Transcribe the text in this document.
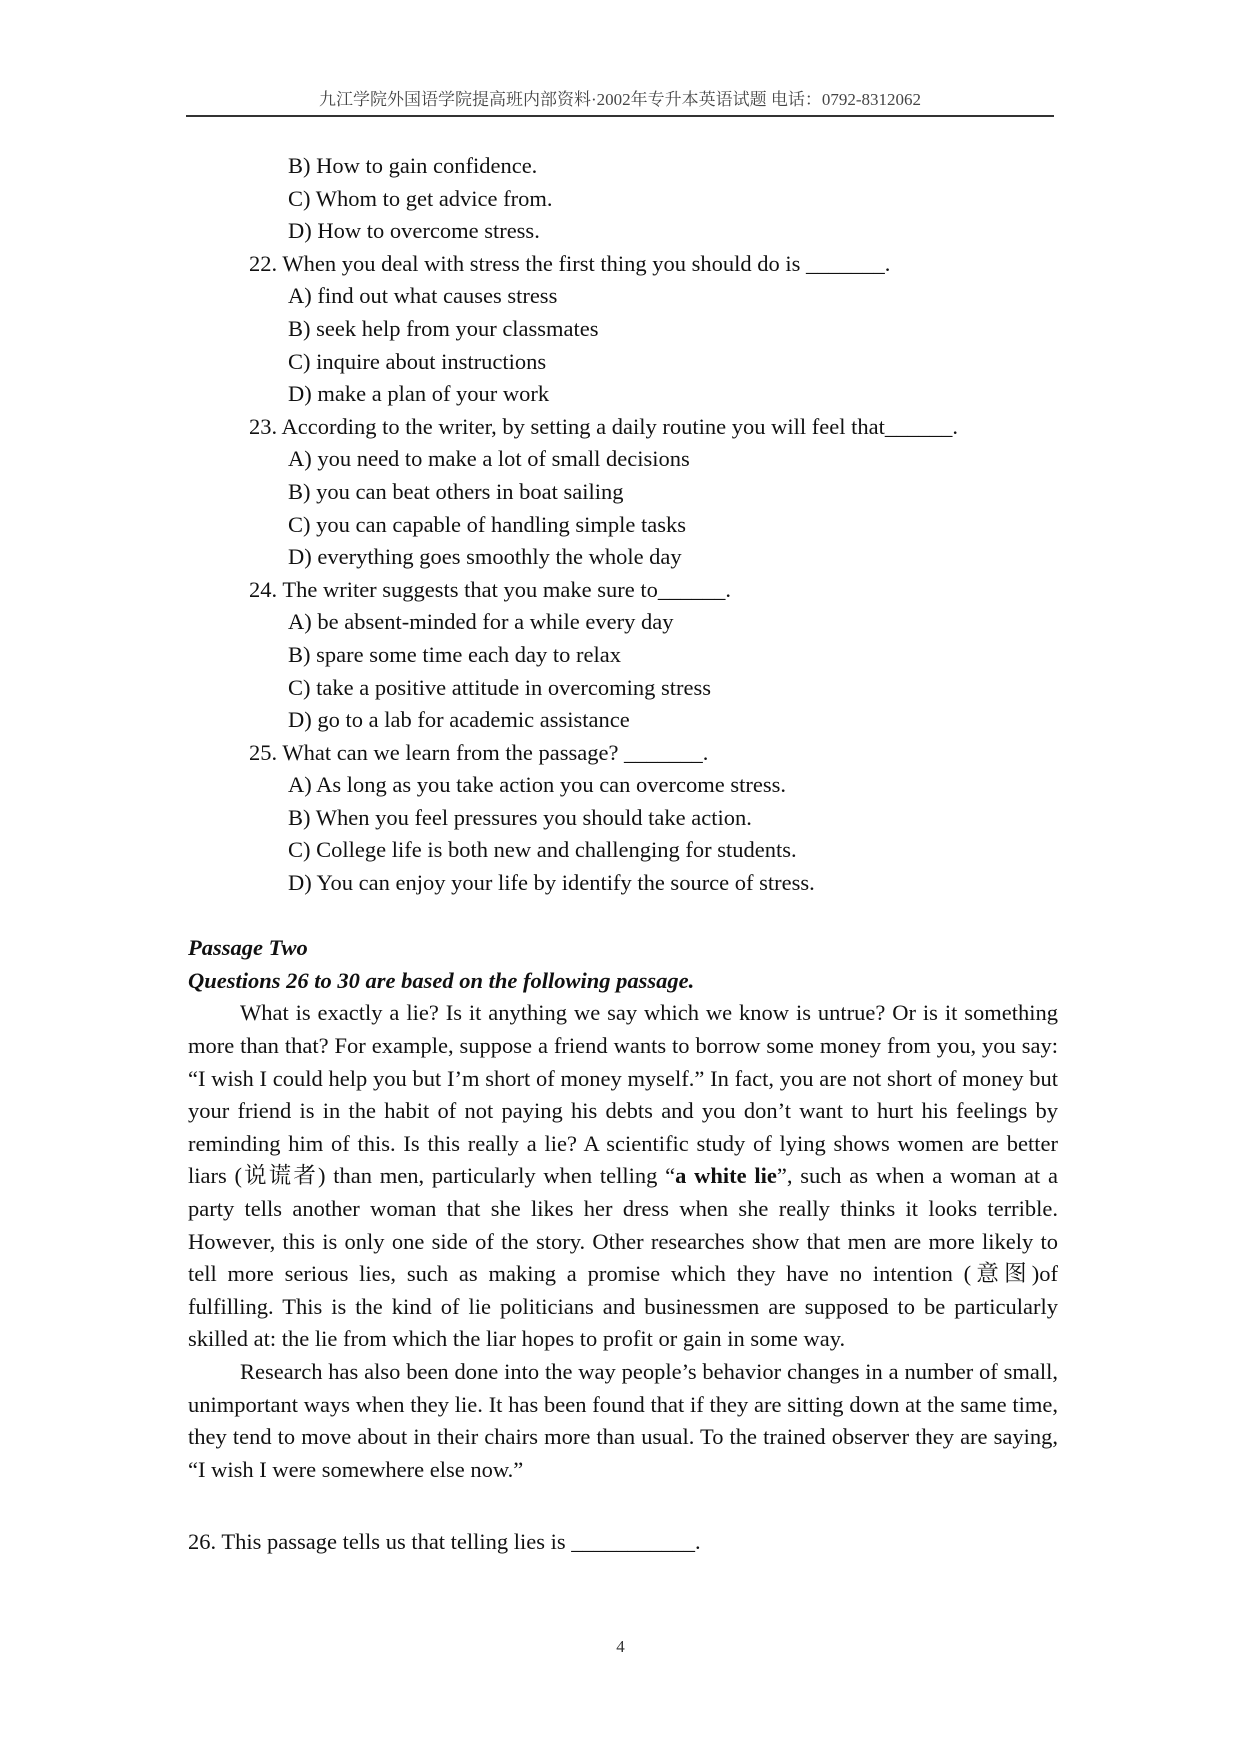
九江学院外国语学院提高班内部资料·2002年专升本英语试题 电话：0792-8312062
B) How to gain confidence.
C) Whom to get advice from.
D) How to overcome stress.
22. When you deal with stress the first thing you should do is _______.
A) find out what causes stress
B) seek help from your classmates
C) inquire about instructions
D) make a plan of your work
23. According to the writer, by setting a daily routine you will feel that______.
A) you need to make a lot of small decisions
B) you can beat others in boat sailing
C) you can capable of handling simple tasks
D) everything goes smoothly the whole day
24. The writer suggests that you make sure to______.
A) be absent-minded for a while every day
B) spare some time each day to relax
C) take a positive attitude in overcoming stress
D) go to a lab for academic assistance
25. What can we learn from the passage? _______.
A) As long as you take action you can overcome stress.
B) When you feel pressures you should take action.
C) College life is both new and challenging for students.
D) You can enjoy your life by identify the source of stress.
Passage Two
Questions 26 to 30 are based on the following passage.

What is exactly a lie? Is it anything we say which we know is untrue? Or is it something more than that? For example, suppose a friend wants to borrow some money from you, you say: “I wish I could help you but I’m short of money myself.” In fact, you are not short of money but your friend is in the habit of not paying his debts and you don’t want to hurt his feelings by reminding him of this. Is this really a lie? A scientific study of lying shows women are better liars (说谎者) than men, particularly when telling “a white lie”, such as when a woman at a party tells another woman that she likes her dress when she really thinks it looks terrible. However, this is only one side of the story. Other researches show that men are more likely to tell more serious lies, such as making a promise which they have no intention (意图)of fulfilling. This is the kind of lie politicians and businessmen are supposed to be particularly skilled at: the lie from which the liar hopes to profit or gain in some way.

Research has also been done into the way people’s behavior changes in a number of small, unimportant ways when they lie. It has been found that if they are sitting down at the same time, they tend to move about in their chairs more than usual. To the trained observer they are saying, “I wish I were somewhere else now.”

26. This passage tells us that telling lies is ___________.
4
